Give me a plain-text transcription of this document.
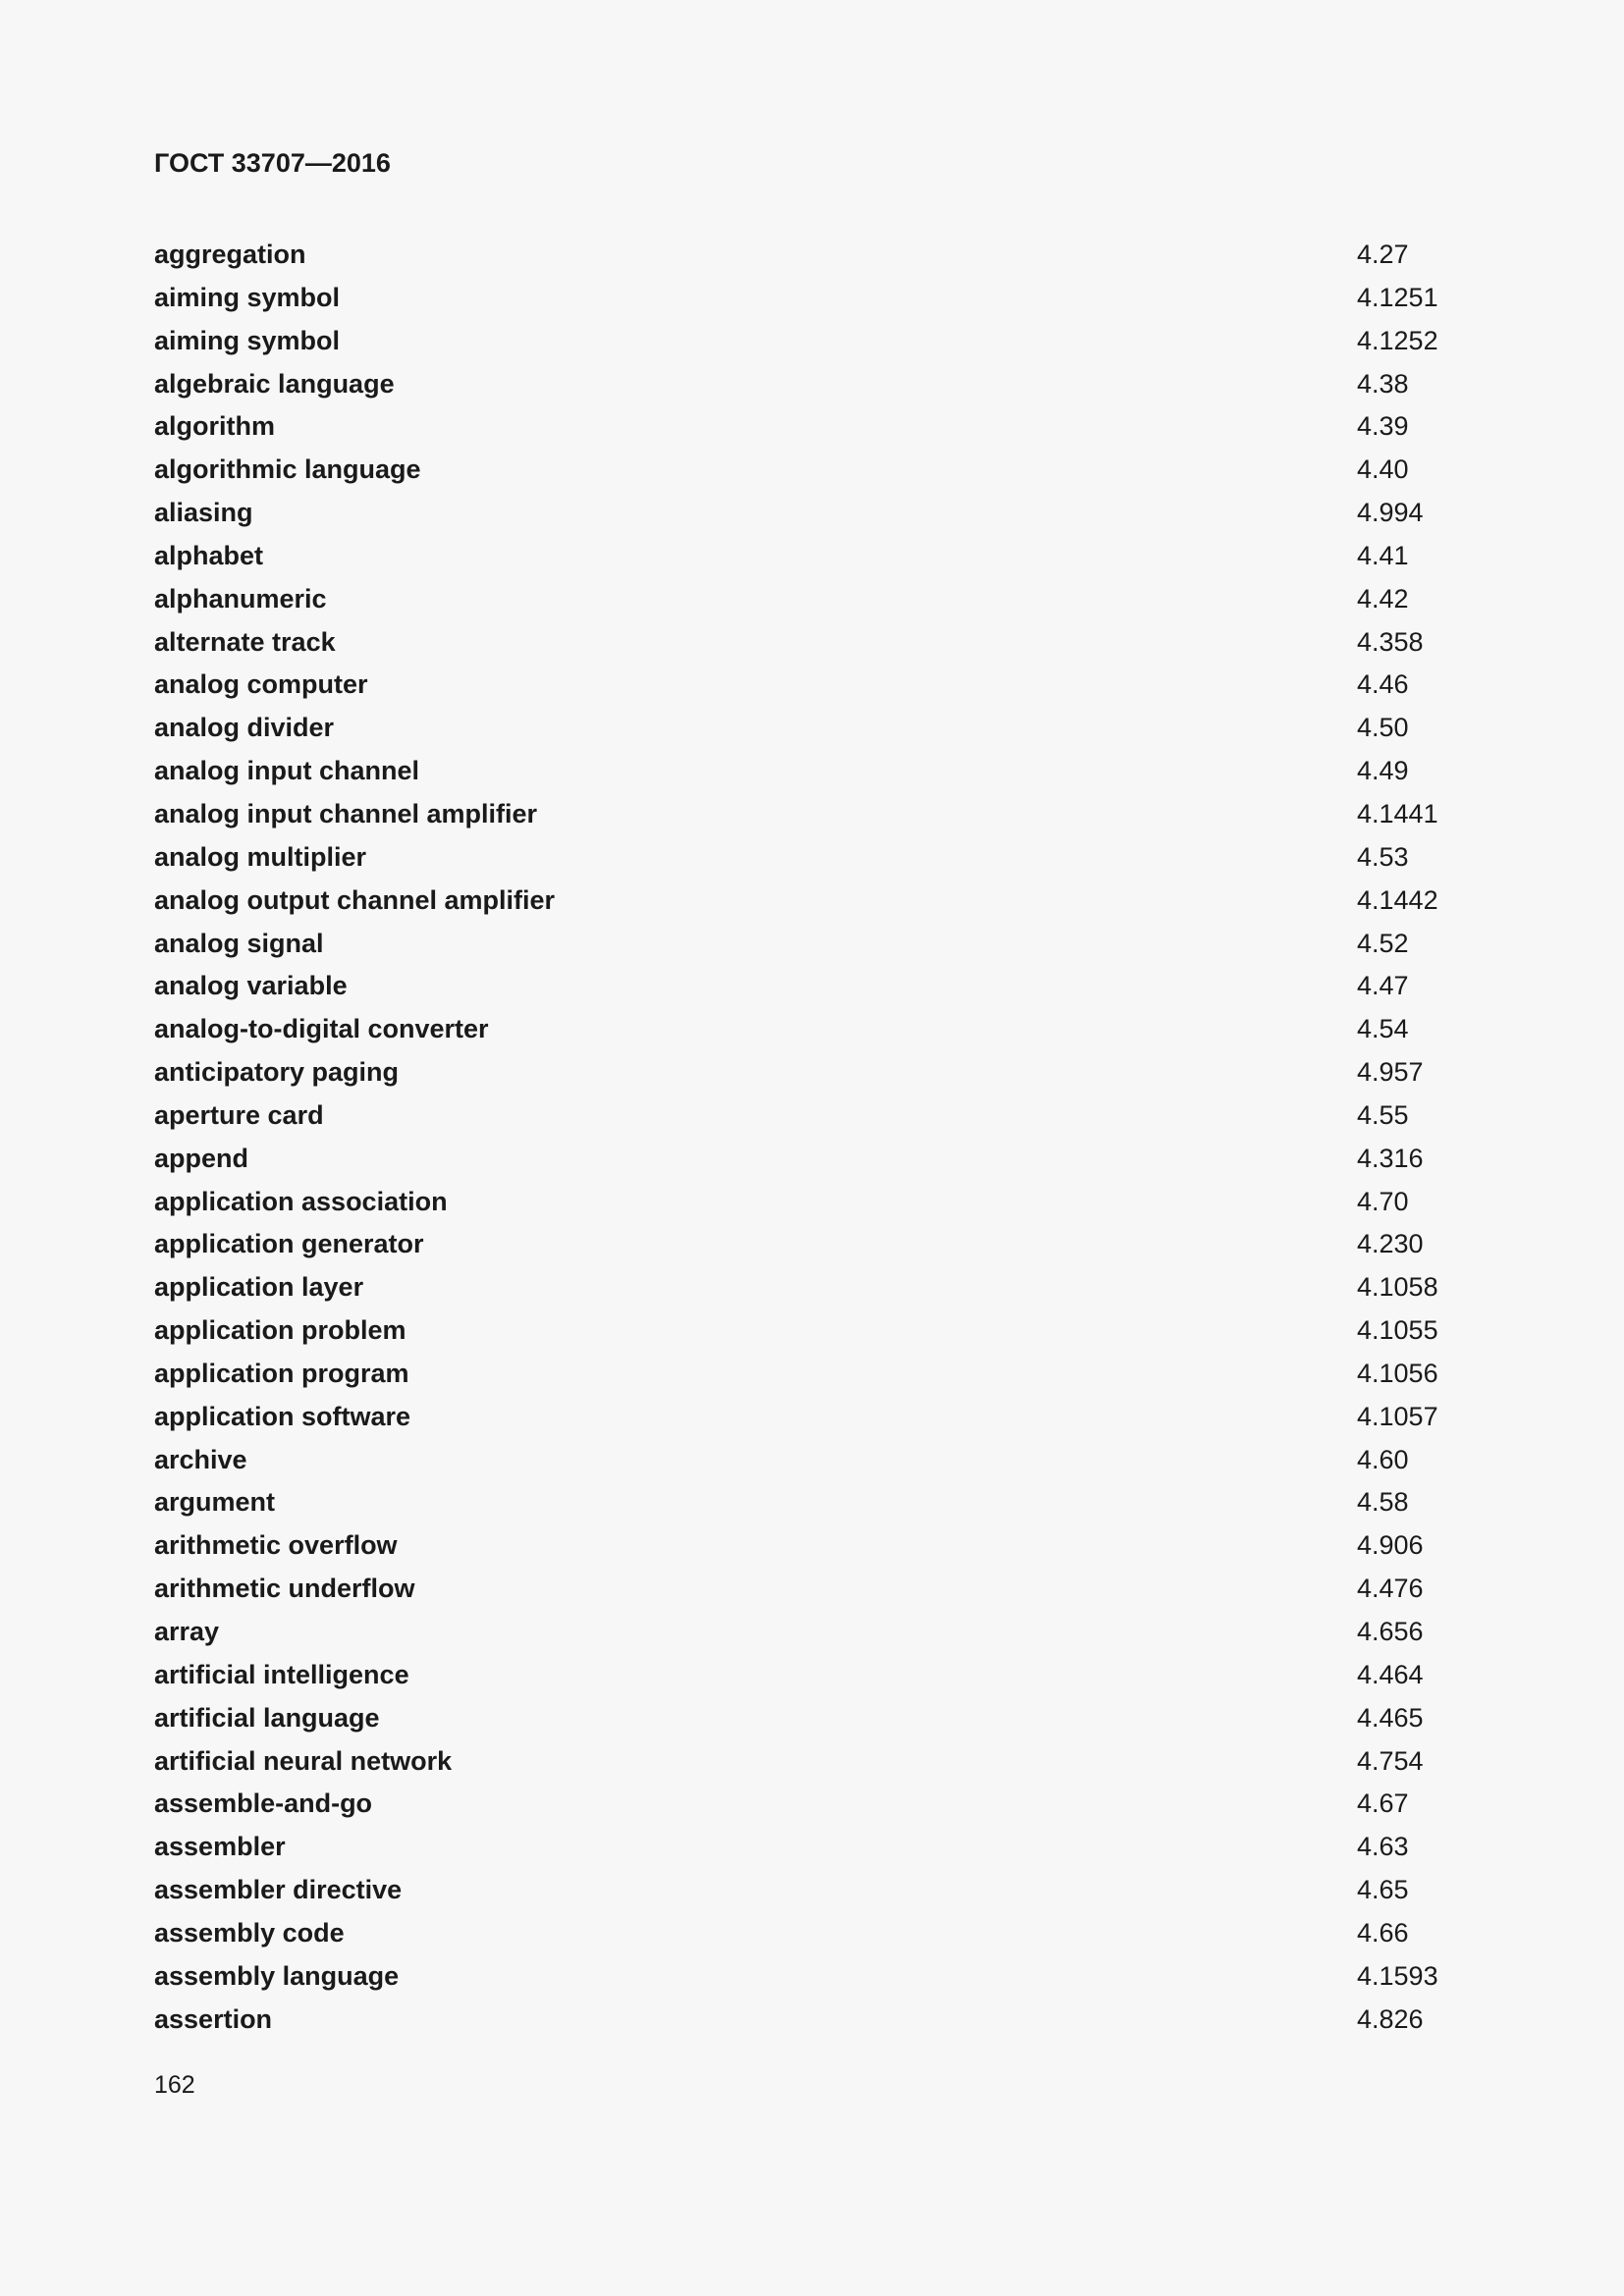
ГОСТ 33707—2016
aggregation	4.27
aiming symbol	4.1251
aiming symbol	4.1252
algebraic language	4.38
algorithm	4.39
algorithmic language	4.40
aliasing	4.994
alphabet	4.41
alphanumeric	4.42
alternate track	4.358
analog computer	4.46
analog divider	4.50
analog input channel	4.49
analog input channel amplifier	4.1441
analog multiplier	4.53
analog output channel amplifier	4.1442
analog signal	4.52
analog variable	4.47
analog-to-digital converter	4.54
anticipatory paging	4.957
aperture card	4.55
append	4.316
application association	4.70
application generator	4.230
application layer	4.1058
application problem	4.1055
application program	4.1056
application software	4.1057
archive	4.60
argument	4.58
arithmetic overflow	4.906
arithmetic underflow	4.476
array	4.656
artificial intelligence	4.464
artificial language	4.465
artificial neural network	4.754
assemble-and-go	4.67
assembler	4.63
assembler directive	4.65
assembly code	4.66
assembly language	4.1593
assertion	4.826
162
